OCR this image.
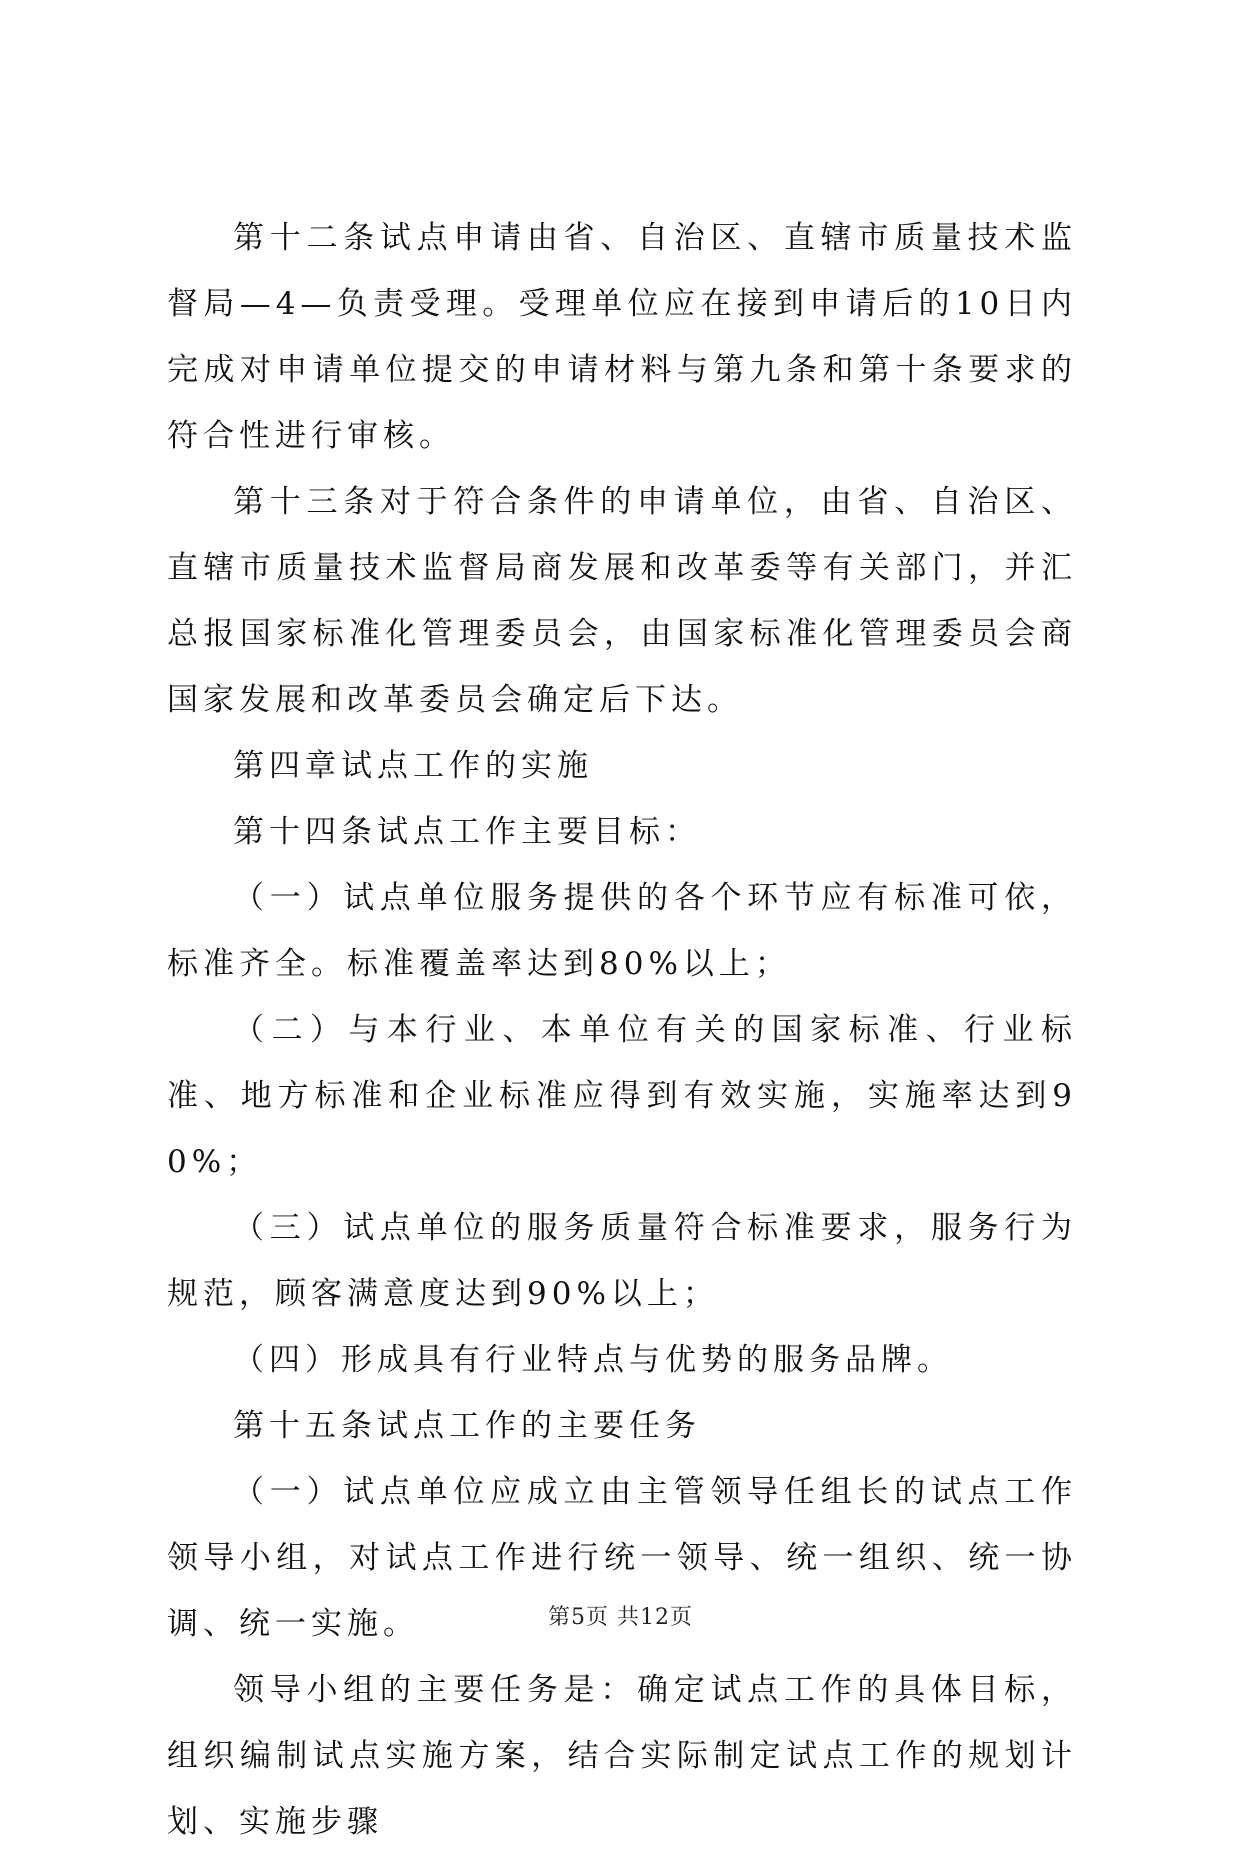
第十二条试点申请由省、自治区、直辖市质量技术监督局—4—负责受理。受理单位应在接到申请后的10日内完成对申请单位提交的申请材料与第九条和第十条要求的符合性进行审核。

第十三条对于符合条件的申请单位，由省、自治区、直辖市质量技术监督局商发展和改革委等有关部门，并汇总报国家标准化管理委员会，由国家标准化管理委员会商国家发展和改革委员会确定后下达。

第四章试点工作的实施

第十四条试点工作主要目标：

（一）试点单位服务提供的各个环节应有标准可依，标准齐全。标准覆盖率达到80%以上；

（二）与本行业、本单位有关的国家标准、行业标准、地方标准和企业标准应得到有效实施，实施率达到90%；

（三）试点单位的服务质量符合标准要求，服务行为规范，顾客满意度达到90%以上；

（四）形成具有行业特点与优势的服务品牌。

第十五条试点工作的主要任务

（一）试点单位应成立由主管领导任组长的试点工作领导小组，对试点工作进行统一领导、统一组织、统一协调、统一实施。

领导小组的主要任务是：确定试点工作的具体目标，组织编制试点实施方案，结合实际制定试点工作的规划计划、实施步骤

第5页 共12页
